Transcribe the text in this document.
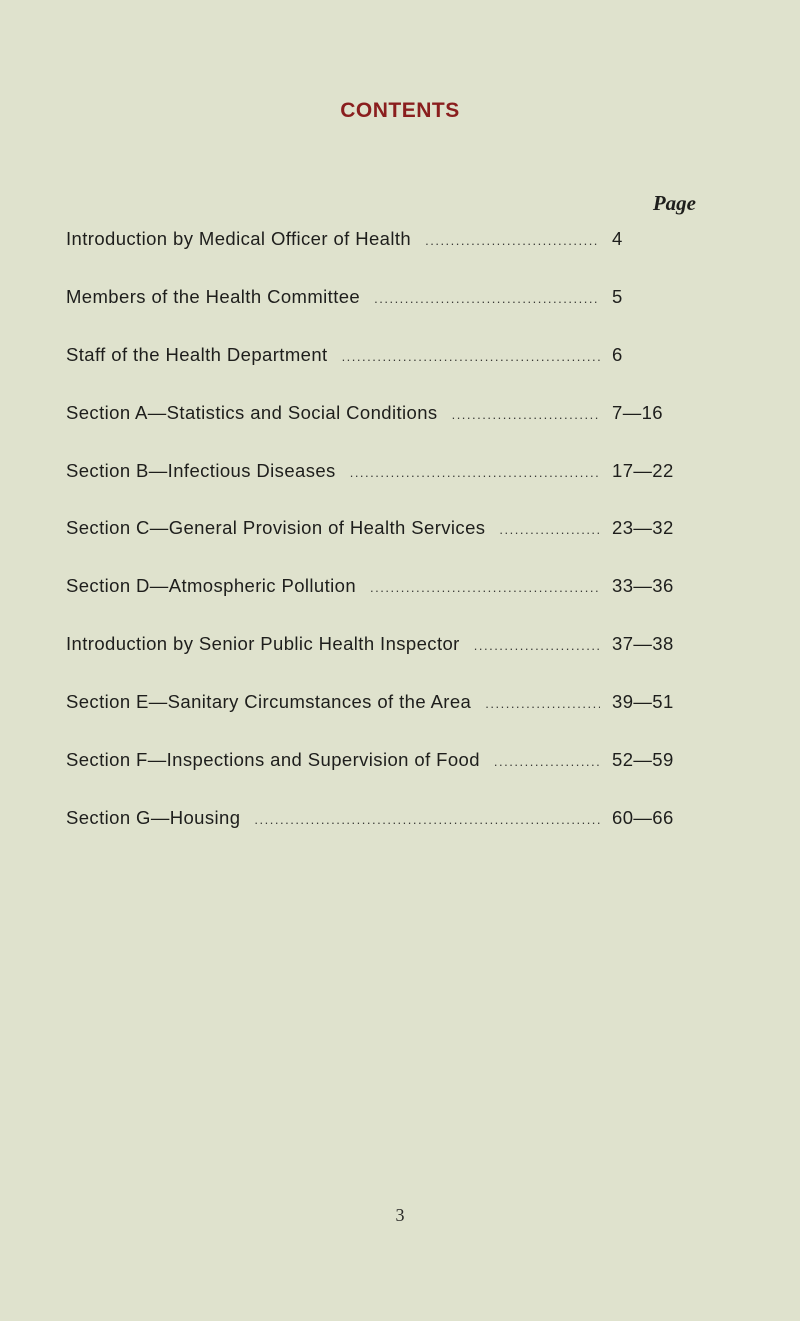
CONTENTS
Page
Introduction by Medical Officer of Health .....	4
Members of the Health Committee .....	5
Staff of the Health Department .....	6
Section A—Statistics and Social Conditions .....	7—16
Section B—Infectious Diseases .....	17—22
Section C—General Provision of Health Services .....	23—32
Section D—Atmospheric Pollution .....	33—36
Introduction by Senior Public Health Inspector .....	37—38
Section E—Sanitary Circumstances of the Area .....	39—51
Section F—Inspections and Supervision of Food .....	52—59
Section G—Housing .....	60—66
3
